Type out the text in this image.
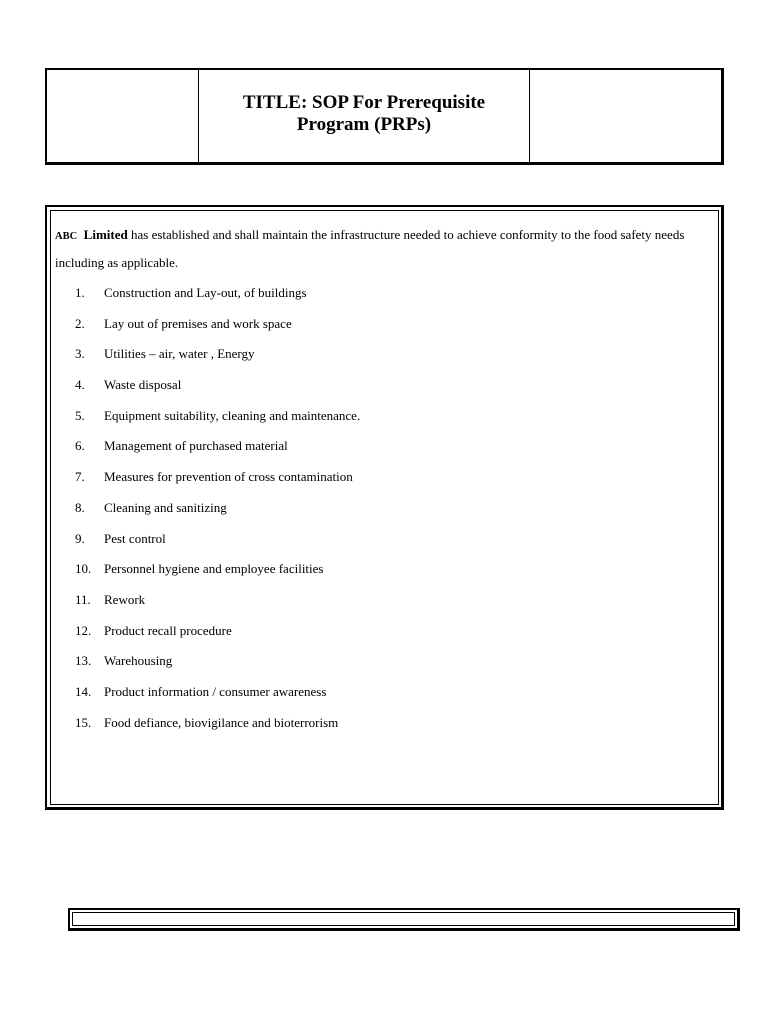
TITLE: SOP For Prerequisite
Program (PRPs)
ABC Limited has established and shall maintain the infrastructure needed to achieve conformity to the food safety needs including as applicable.
1.	Construction and Lay-out, of buildings
2.	Lay out of premises and work space
3.	Utilities – air, water , Energy
4.	Waste disposal
5.	Equipment suitability, cleaning and maintenance.
6.	Management of purchased material
7.	Measures for prevention of cross contamination
8.	Cleaning and sanitizing
9.	Pest control
10. Personnel hygiene and employee facilities
11.	Rework
12. Product recall procedure
13. Warehousing
14. Product information / consumer awareness
15. Food defiance, biovigilance and bioterrorism
